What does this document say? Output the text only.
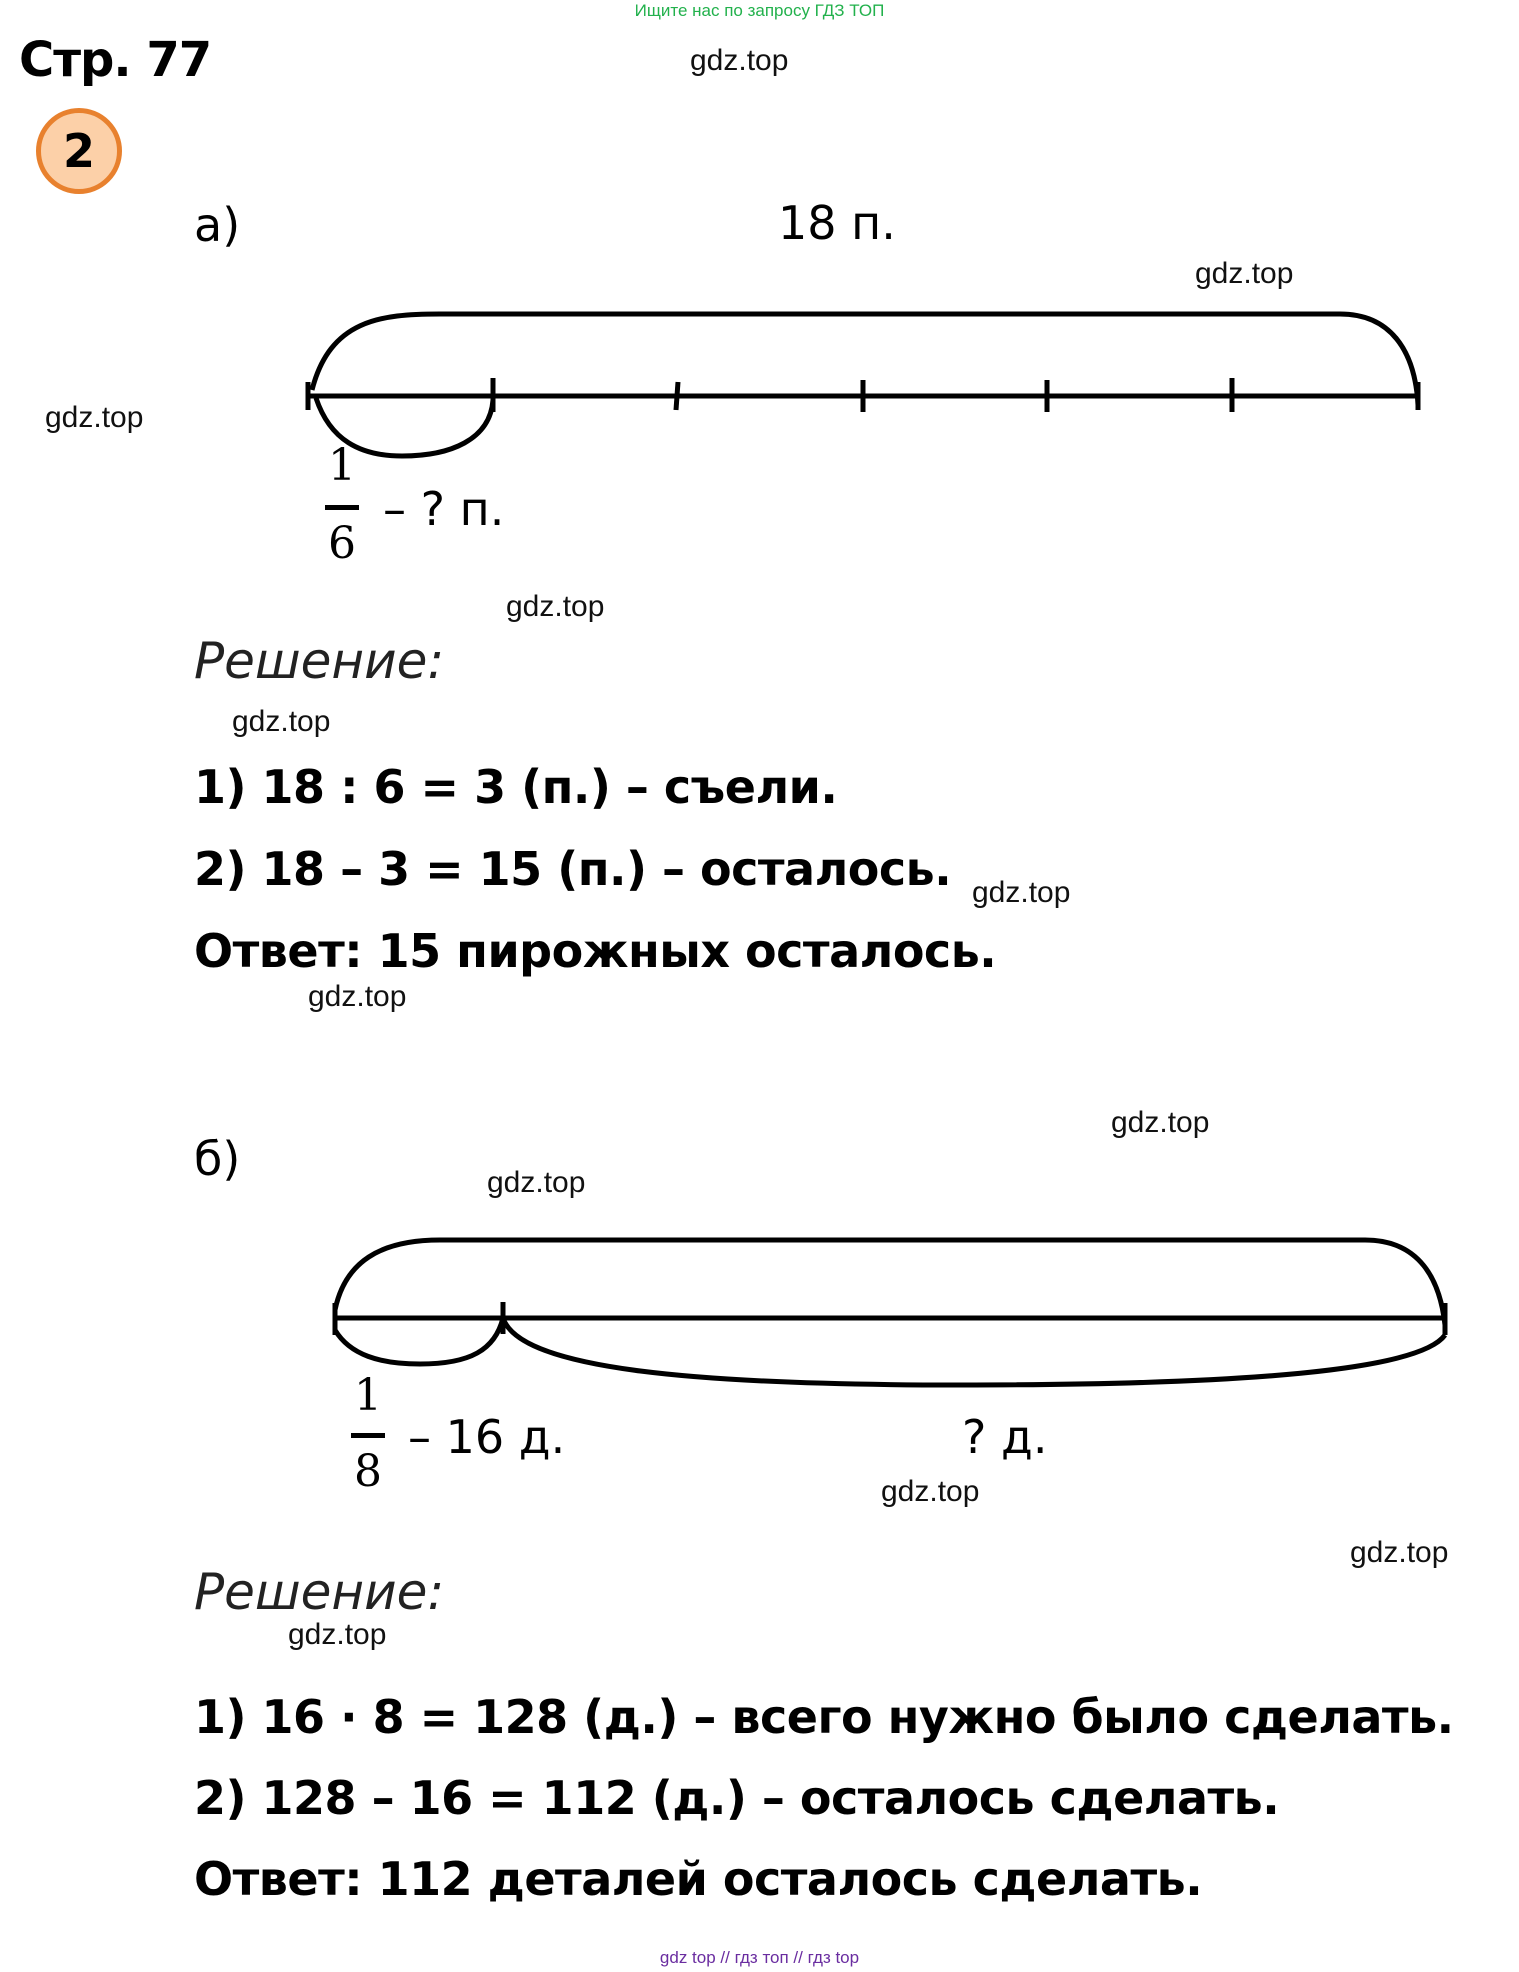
Ищите нас по запросу ГДЗ ТОП
Стр. 77
2
gdz.top
gdz.top
gdz.top
gdz.top
gdz.top
gdz.top
gdz.top
gdz.top
gdz.top
gdz.top
gdz.top
gdz.top
а)	18 п.
1
6
– ? п.
Решение:
1) 18 : 6 = 3 (п.) – съели.
2) 18 – 3 = 15 (п.) – осталось.
Ответ: 15 пирожных осталось.
б)
1
8
– 16 д.	? д.
Решение:
1) 16 · 8 = 128 (д.) – всего нужно было сделать.
2) 128 – 16 = 112 (д.) – осталось сделать.
Ответ: 112 деталей осталось сделать.
gdz top // гдз топ // гдз top
